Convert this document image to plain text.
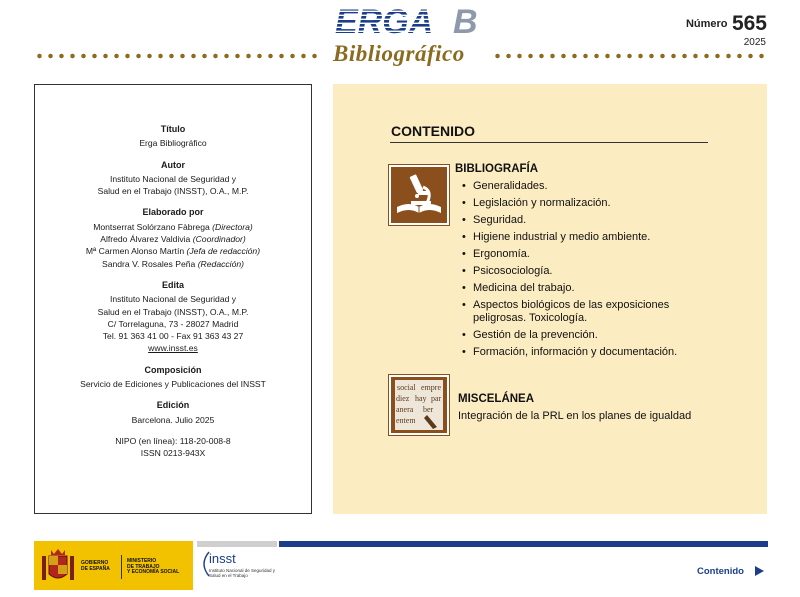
ERGA B
Bibliográfico
Número 565
2025
Título
Erga Bibliográfico
Autor
Instituto Nacional de Seguridad y
Salud en el Trabajo (INSST), O.A., M.P.
Elaborado por
Montserrat Solórzano Fàbrega (Directora)
Alfredo Álvarez Valdivia (Coordinador)
Mª Carmen Alonso Martín (Jefa de redacción)
Sandra V. Rosales Peña (Redacción)
Edita
Instituto Nacional de Seguridad y
Salud en el Trabajo (INSST), O.A., M.P.
C/ Torrelaguna, 73 - 28027 Madrid
Tel. 91 363 41 00 - Fax 91 363 43 27
www.insst.es
Composición
Servicio de Ediciones y Publicaciones del INSST
Edición
Barcelona. Julio 2025
NIPO (en línea): 118-20-008-8
ISSN 0213-943X
CONTENIDO
BIBLIOGRAFÍA
• Generalidades.
• Legislación y normalización.
• Seguridad.
• Higiene industrial y medio ambiente.
• Ergonomía.
• Psicosociología.
• Medicina del trabajo.
• Aspectos biológicos de las exposiciones peligrosas. Toxicología.
• Gestión de la prevención.
• Formación, información y documentación.
social empre
diez hay par
anera ber
entem
MISCELÁNEA
Integración de la PRL en los planes de igualdad
GOBIERNO
DE ESPAÑA
MINISTERIO
DE TRABAJO
Y ECONOMÍA SOCIAL
insst
Instituto Nacional de Seguridad y Salud en el Trabajo	Contenido
